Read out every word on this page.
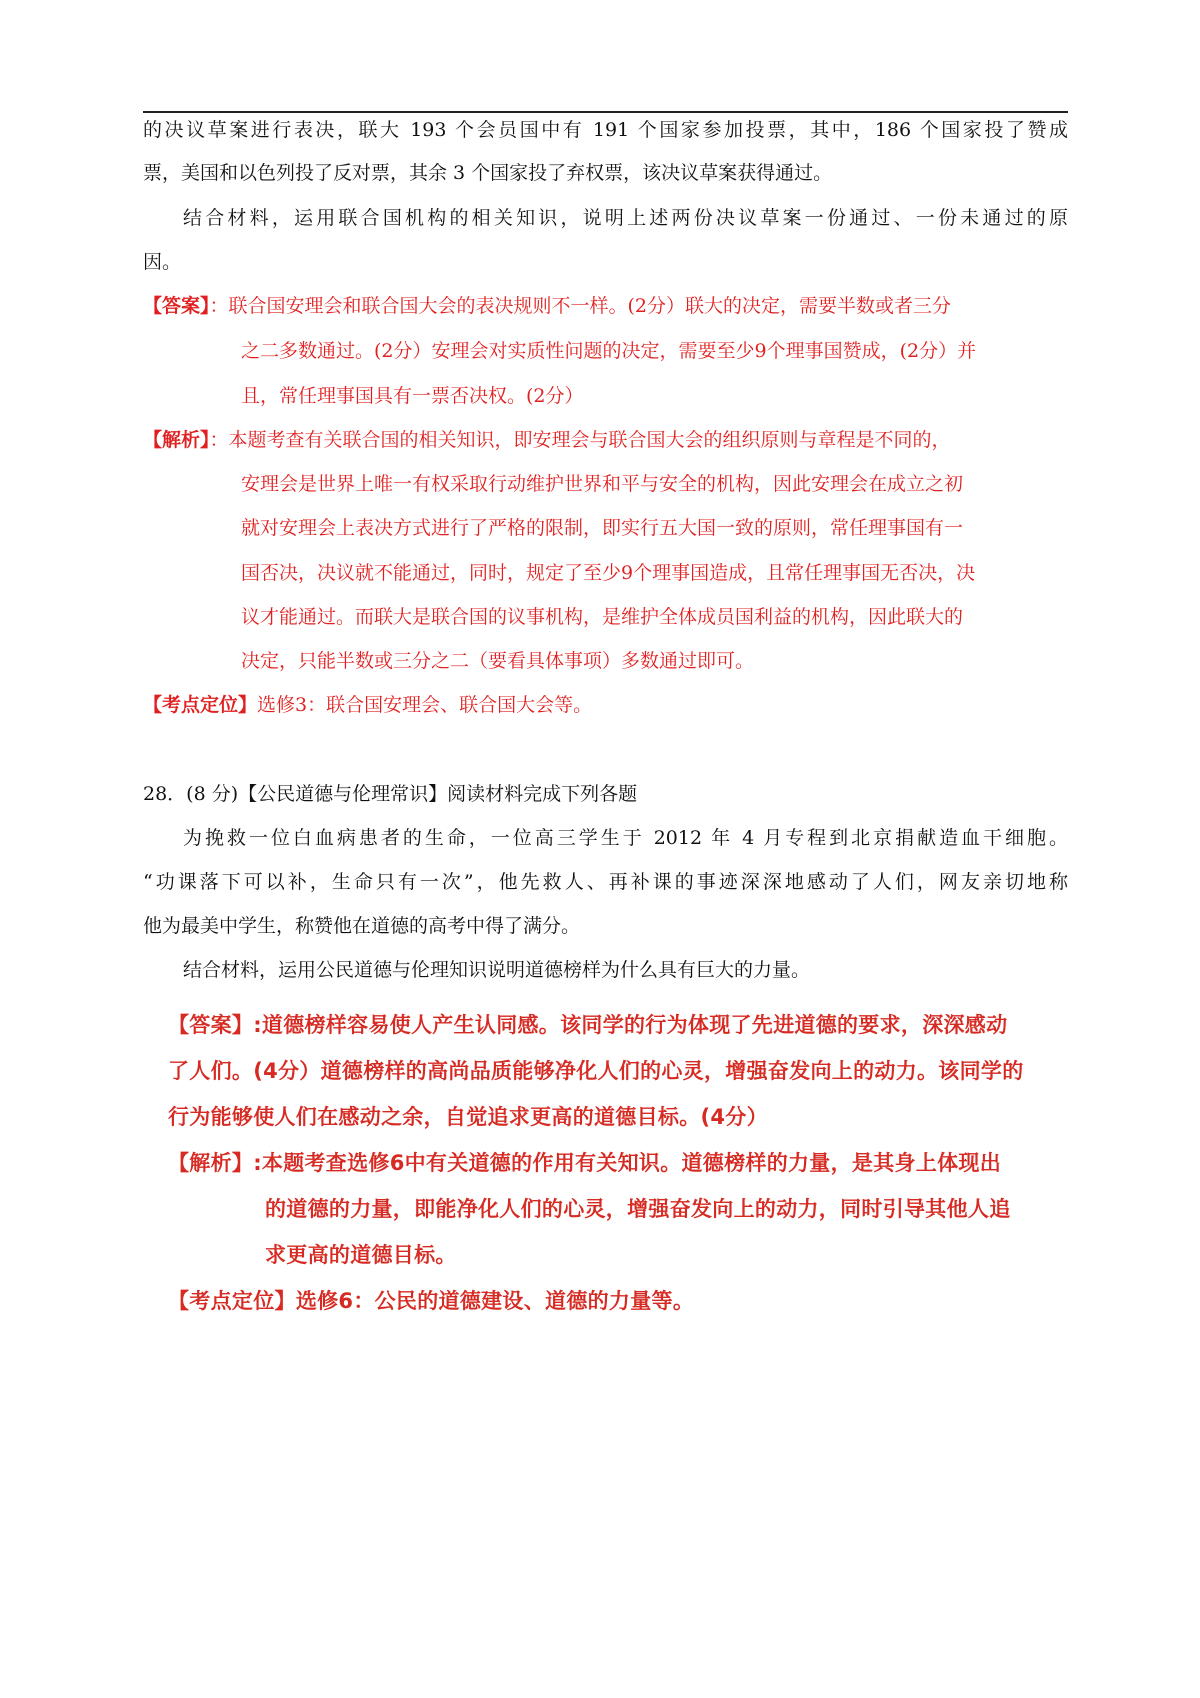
的决议草案进行表决，联大 193 个会员国中有 191 个国家参加投票，其中，186 个国家投了赞成
票，美国和以色列投了反对票，其余 3 个国家投了弃权票，该决议草案获得通过。
结合材料，运用联合国机构的相关知识，说明上述两份决议草案一份通过、一份未通过的原
因。
【答案】：联合国安理会和联合国大会的表决规则不一样。(2分）联大的决定，需要半数或者三分
之二多数通过。(2分）安理会对实质性问题的决定，需要至少9个理事国赞成，(2分）并
且，常任理事国具有一票否决权。(2分）
【解析】：本题考查有关联合国的相关知识，即安理会与联合国大会的组织原则与章程是不同的，
安理会是世界上唯一有权采取行动维护世界和平与安全的机构，因此安理会在成立之初
就对安理会上表决方式进行了严格的限制，即实行五大国一致的原则，常任理事国有一
国否决，决议就不能通过，同时，规定了至少9个理事国造成，且常任理事国无否决，决
议才能通过。而联大是联合国的议事机构，是维护全体成员国利益的机构，因此联大的
决定，只能半数或三分之二（要看具体事项）多数通过即可。
【考点定位】选修3：联合国安理会、联合国大会等。
28．(8 分)【公民道德与伦理常识】阅读材料完成下列各题
为挽救一位白血病患者的生命，一位高三学生于 2012 年 4 月专程到北京捐献造血干细胞。
“功课落下可以补，生命只有一次”，他先救人、再补课的事迹深深地感动了人们，网友亲切地称
他为最美中学生，称赞他在道德的高考中得了满分。
结合材料，运用公民道德与伦理知识说明道德榜样为什么具有巨大的力量。
【答案】:道德榜样容易使人产生认同感。该同学的行为体现了先进道德的要求，深深感动
了人们。(4分）道德榜样的高尚品质能够净化人们的心灵，增强奋发向上的动力。该同学的
行为能够使人们在感动之余，自觉追求更高的道德目标。(4分）
【解析】:本题考查选修6中有关道德的作用有关知识。道德榜样的力量，是其身上体现出
的道德的力量，即能净化人们的心灵，增强奋发向上的动力，同时引导其他人追
求更高的道德目标。
【考点定位】选修6：公民的道德建设、道德的力量等。
